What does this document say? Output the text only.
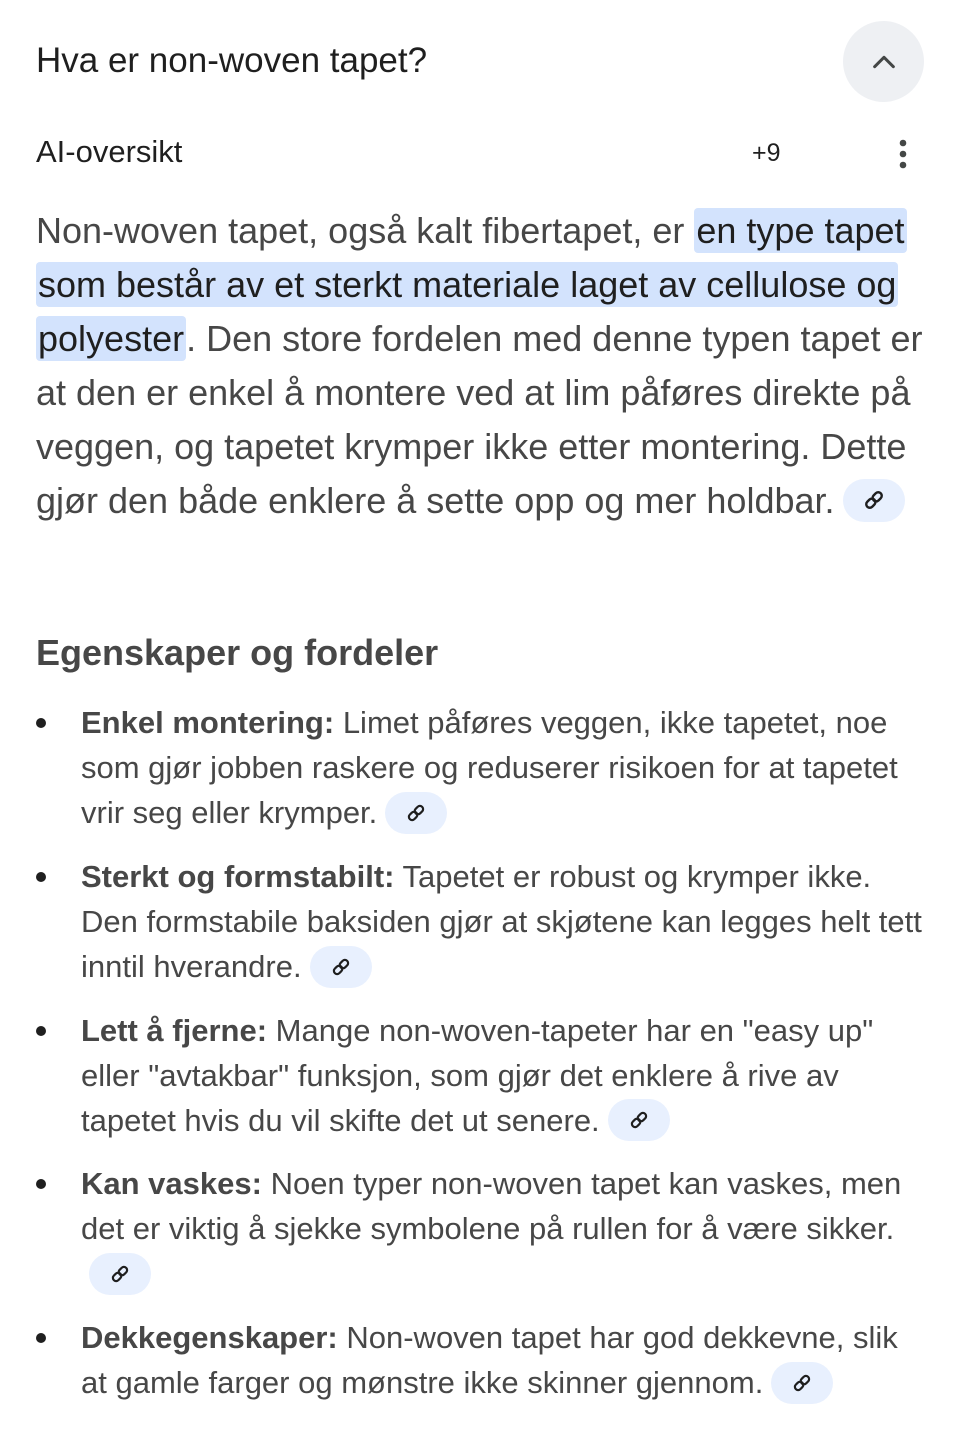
Hva er non-woven tapet?
AI-oversikt	+9

Non-woven tapet, også kalt fibertapet, er en type tapet som består av et sterkt materiale laget av cellulose og polyester. Den store fordelen med denne typen tapet er at den er enkel å montere ved at lim påføres direkte på veggen, og tapetet krymper ikke etter montering. Dette gjør den både enklere å sette opp og mer holdbar.

Egenskaper og fordeler
Enkel montering: Limet påføres veggen, ikke tapetet, noe som gjør jobben raskere og reduserer risikoen for at tapetet vrir seg eller krymper.
Sterkt og formstabilt: Tapetet er robust og krymper ikke. Den formstabile baksiden gjør at skjøtene kan legges helt tett inntil hverandre.
Lett å fjerne: Mange non-woven-tapeter har en "easy up" eller "avtakbar" funksjon, som gjør det enklere å rive av tapetet hvis du vil skifte det ut senere.
Kan vaskes: Noen typer non-woven tapet kan vaskes, men det er viktig å sjekke symbolene på rullen for å være sikker.
Dekkegenskaper: Non-woven tapet har god dekkevne, slik at gamle farger og mønstre ikke skinner gjennom.
